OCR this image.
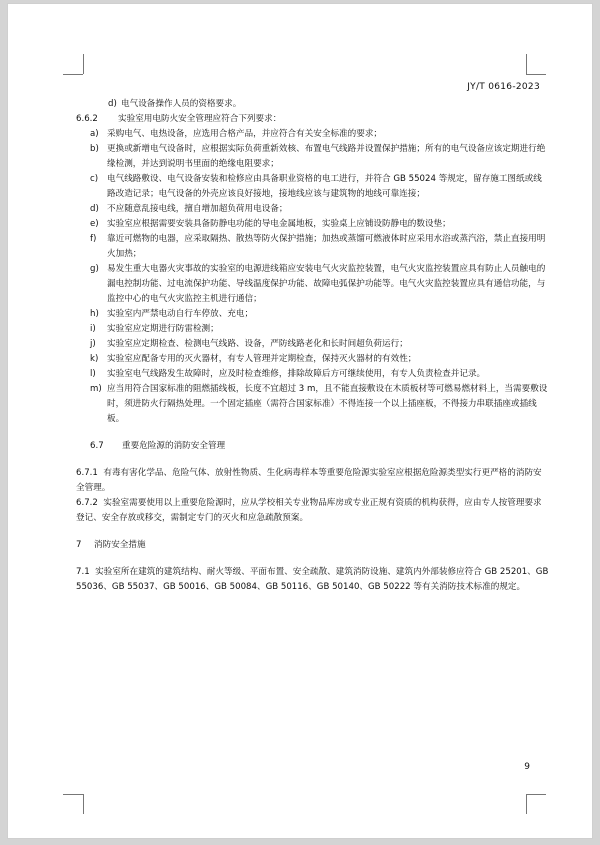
JY/T 0616-2023
d) 电气设备操作人员的资格要求。
6.6.2	实验室用电防火安全管理应符合下列要求：
a) 采购电气、电热设备，应选用合格产品，并应符合有关安全标准的要求；
b) 更换或新增电气设备时，应根据实际负荷重新效核、布置电气线路并设置保护措施；所有的电气设备应该定期进行绝缘检测，并达到说明书里面的绝缘电阻要求；
c)	电气线路敷设、电气设备安装和检修应由具备职业资格的电工进行，并符合 GB 55024 等规定，留存施工图纸或线路改造记录；电气设备的外壳应该良好接地，接地线应该与建筑物的地线可靠连接；
d) 不应随意乱接电线，擅自增加超负荷用电设备；
e) 实验室应根据需要安装具备防静电功能的导电金属地板，实验桌上应铺设防静电的数设垫；
f)	靠近可燃物的电器，应采取隔热、散热等防火保护措施；加热或蒸馏可燃液体时应采用水浴或蒸汽浴，禁止直接用明火加热；
g) 易发生重大电器火灾事故的实验室的电源进线箱应安装电气火灾监控装置，电气火灾监控装置应具有防止人员触电的漏电控制功能、过电流保护功能、导线温度保护功能、故障电弧保护功能等。电气火灾监控装置应具有通信功能，与监控中心的电气火灾监控主机进行通信；
h) 实验室内严禁电动自行车停放、充电；
i)	实验室应定期进行防雷检测；
j)	实验室应定期检查、检测电气线路、设备，严防线路老化和长时间超负荷运行；
k)	实验室应配备专用的灭火器材，有专人管理并定期检查，保持灭火器材的有效性；
l)	实验室电气线路发生故障时，应及时检查维修，排除故障后方可继续使用，有专人负责检查并记录。
m) 应当用符合国家标准的阻燃插线板，长度不宜超过 3 m，且不能直接敷设在木质板材等可燃易燃材料上，当需要敷设时，须进防火行隔热处理。一个固定插座（需符合国家标准）不得连接一个以上插座板，不得接力串联插座或插线板。
6.7	重要危险源的消防安全管理
6.7.1 有毒有害化学品、危险气体、放射性物质、生化病毒样本等重要危险源实验室应根据危险源类型实行更严格的消防安全管理。
6.7.2 实验室需要使用以上重要危险源时，应从学校相关专业物品库房或专业正规有资质的机构获得，应由专人按管理要求登记、安全存放或移交，需制定专门的灭火和应急疏散预案。
7	消防安全措施
7.1 实验室所在建筑的建筑结构、耐火等级、平面布置、安全疏散、建筑消防设施、建筑内外部装修应符合 GB 25201、GB 55036、GB 55037、GB 50016、GB 50084、GB 50116、GB 50140、GB 50222 等有关消防技术标准的规定。
9
